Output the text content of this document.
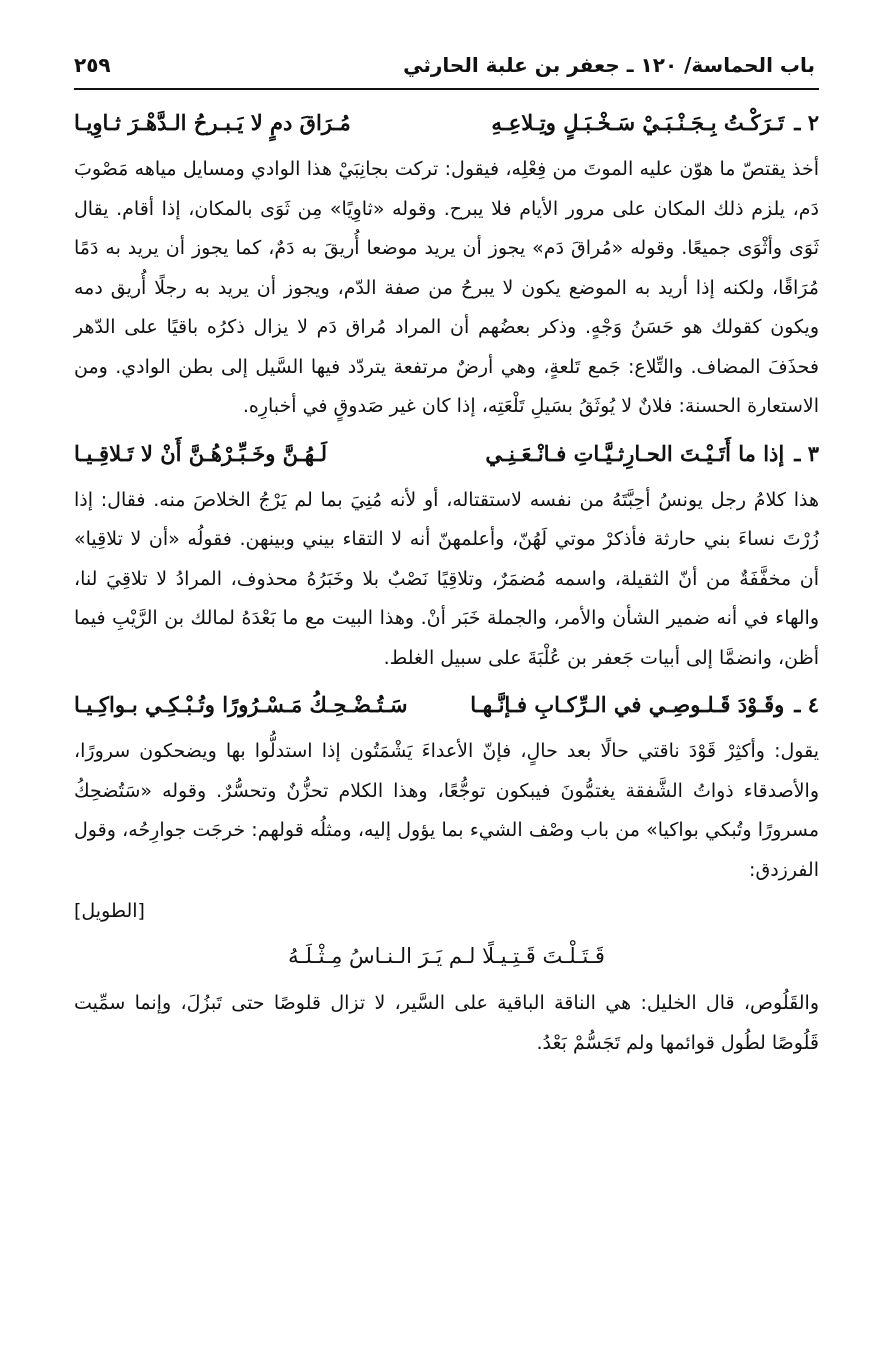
باب الحماسة/ ١٢٠ ـ جعفر بن علبة الحارثي
٢٥٩
٢ ـ
تَـرَكْـتُ بِـجَـنْـبَـيْ سَـخْـبَـلٍ وتِـلاعِـهِ
مُـرَاقَ دمٍ لا يَـبـرحُ الـدَّهْـرَ ثـاوِيـا

أخذ يقتصّ ما هوّن عليه الموتَ من فِعْلِه، فيقول: تركت بجانِبَيْ هذا الوادي ومسايل مياهه مَصْوبَ دَم، يلزم ذلك المكان على مرور الأيام فلا يبرح. وقوله «ثاوِيًا» مِن ثَوَى بالمكان، إذا أقام. يقال ثَوَى وأثْوَى جميعًا. وقوله «مُراقَ دَم» يجوز أن يريد موضعا أُريقَ به دَمٌ، كما يجوز أن يريد به دَمًا مُرَاقًا، ولكنه إذا أريد به الموضع يكون لا يبرحُ من صفة الدّم، ويجوز أن يريد به رجلًا أُريق دمه ويكون كقولك هو حَسَنُ وَجْهٍ. وذكر بعضُهم أن المراد مُراق دَم لا يزال ذكرُه باقيًا على الدّهر فحذَفَ المضاف. والتِّلاع: جَمع تَلعةٍ، وهي أرضٌ مرتفعة يتردّد فيها السَّيل إلى بطن الوادي. ومن الاستعارة الحسنة: فلانٌ لا يُوثَقُ بسَيلِ تَلْعَتِه، إذا كان غير صَدوقٍ في أخبارِه.

٣ ـ
إذا ما أَتَـيْـتَ الحـارِثـيَّـاتِ فـانْـعَـنِـي
لَـهُـنَّ وخَـبِّـرْهُـنَّ أَنْ لا تَـلاقِـيـا

هذا كلامُ رجل يونسُ أحِبَّتَهُ من نفسه لاستقتاله، أو لأنه مُنِيَ بما لم يَرْجُ الخلاصَ منه. فقال: إذا زُرْتَ نساءَ بني حارثة فأذكرْ موتي لَهُنّ، وأعلمهنّ أنه لا التقاء بيني وبينهن. فقولُه «أن لا تلاقِيا» أن مخفَّفَةٌ من أنّ الثقيلة، واسمه مُضمَرٌ، وتلاقِيًا نَصْبٌ بلا وخَبَرُهُ محذوف، المرادُ لا تلاقِيَ لنا، والهاء في أنه ضمير الشأن والأمر، والجملة خَبَر أنْ. وهذا البيت مع ما بَعْدَهُ لمالك بن الرَّيْبِ فيما أظن، وانضمَّا إلى أبيات جَعفر بن عُلْبَةَ على سبيل الغلط.

٤ ـ
وقَـوْدَ قَـلـوصِـي في الـرِّكـابِ فـإنَّـهـا
سَـتُـضْـحِـكُ مَـسْـرُورًا وتُـبْـكِـي بـواكِـيـا

يقول: وأكثِرْ قَوْدَ ناقتي حالًا بعد حالٍ، فإنّ الأعداءَ يَشْمَتُون إذا استدلُّوا بها ويضحكون سرورًا، والأصدقاء ذواتُ الشَّفقة يغتمُّونَ فيبكون توجُّعًا، وهذا الكلام تحزُّنٌ وتحسُّرٌ. وقوله «سَتُضحِكُ مسرورًا وتُبكي بواكيا» من باب وصْف الشيء بما يؤول إليه، ومثلُه قولهم: خرجَت جوارِحُه، وقول الفرزدق:

[الطويل]
قَـتَـلْـتَ قَـتِـيـلًا لـم يَـرَ الـنـاسُ مِـثْـلَـهُ

والقَلُوص، قال الخليل: هي الناقة الباقية على السَّير، لا تزال قلوصًا حتى تَبزُلَ، وإنما سمِّيت قَلُوصًا لطُول قوائمها ولم تَجَسُّمْ بَعْدُ.
